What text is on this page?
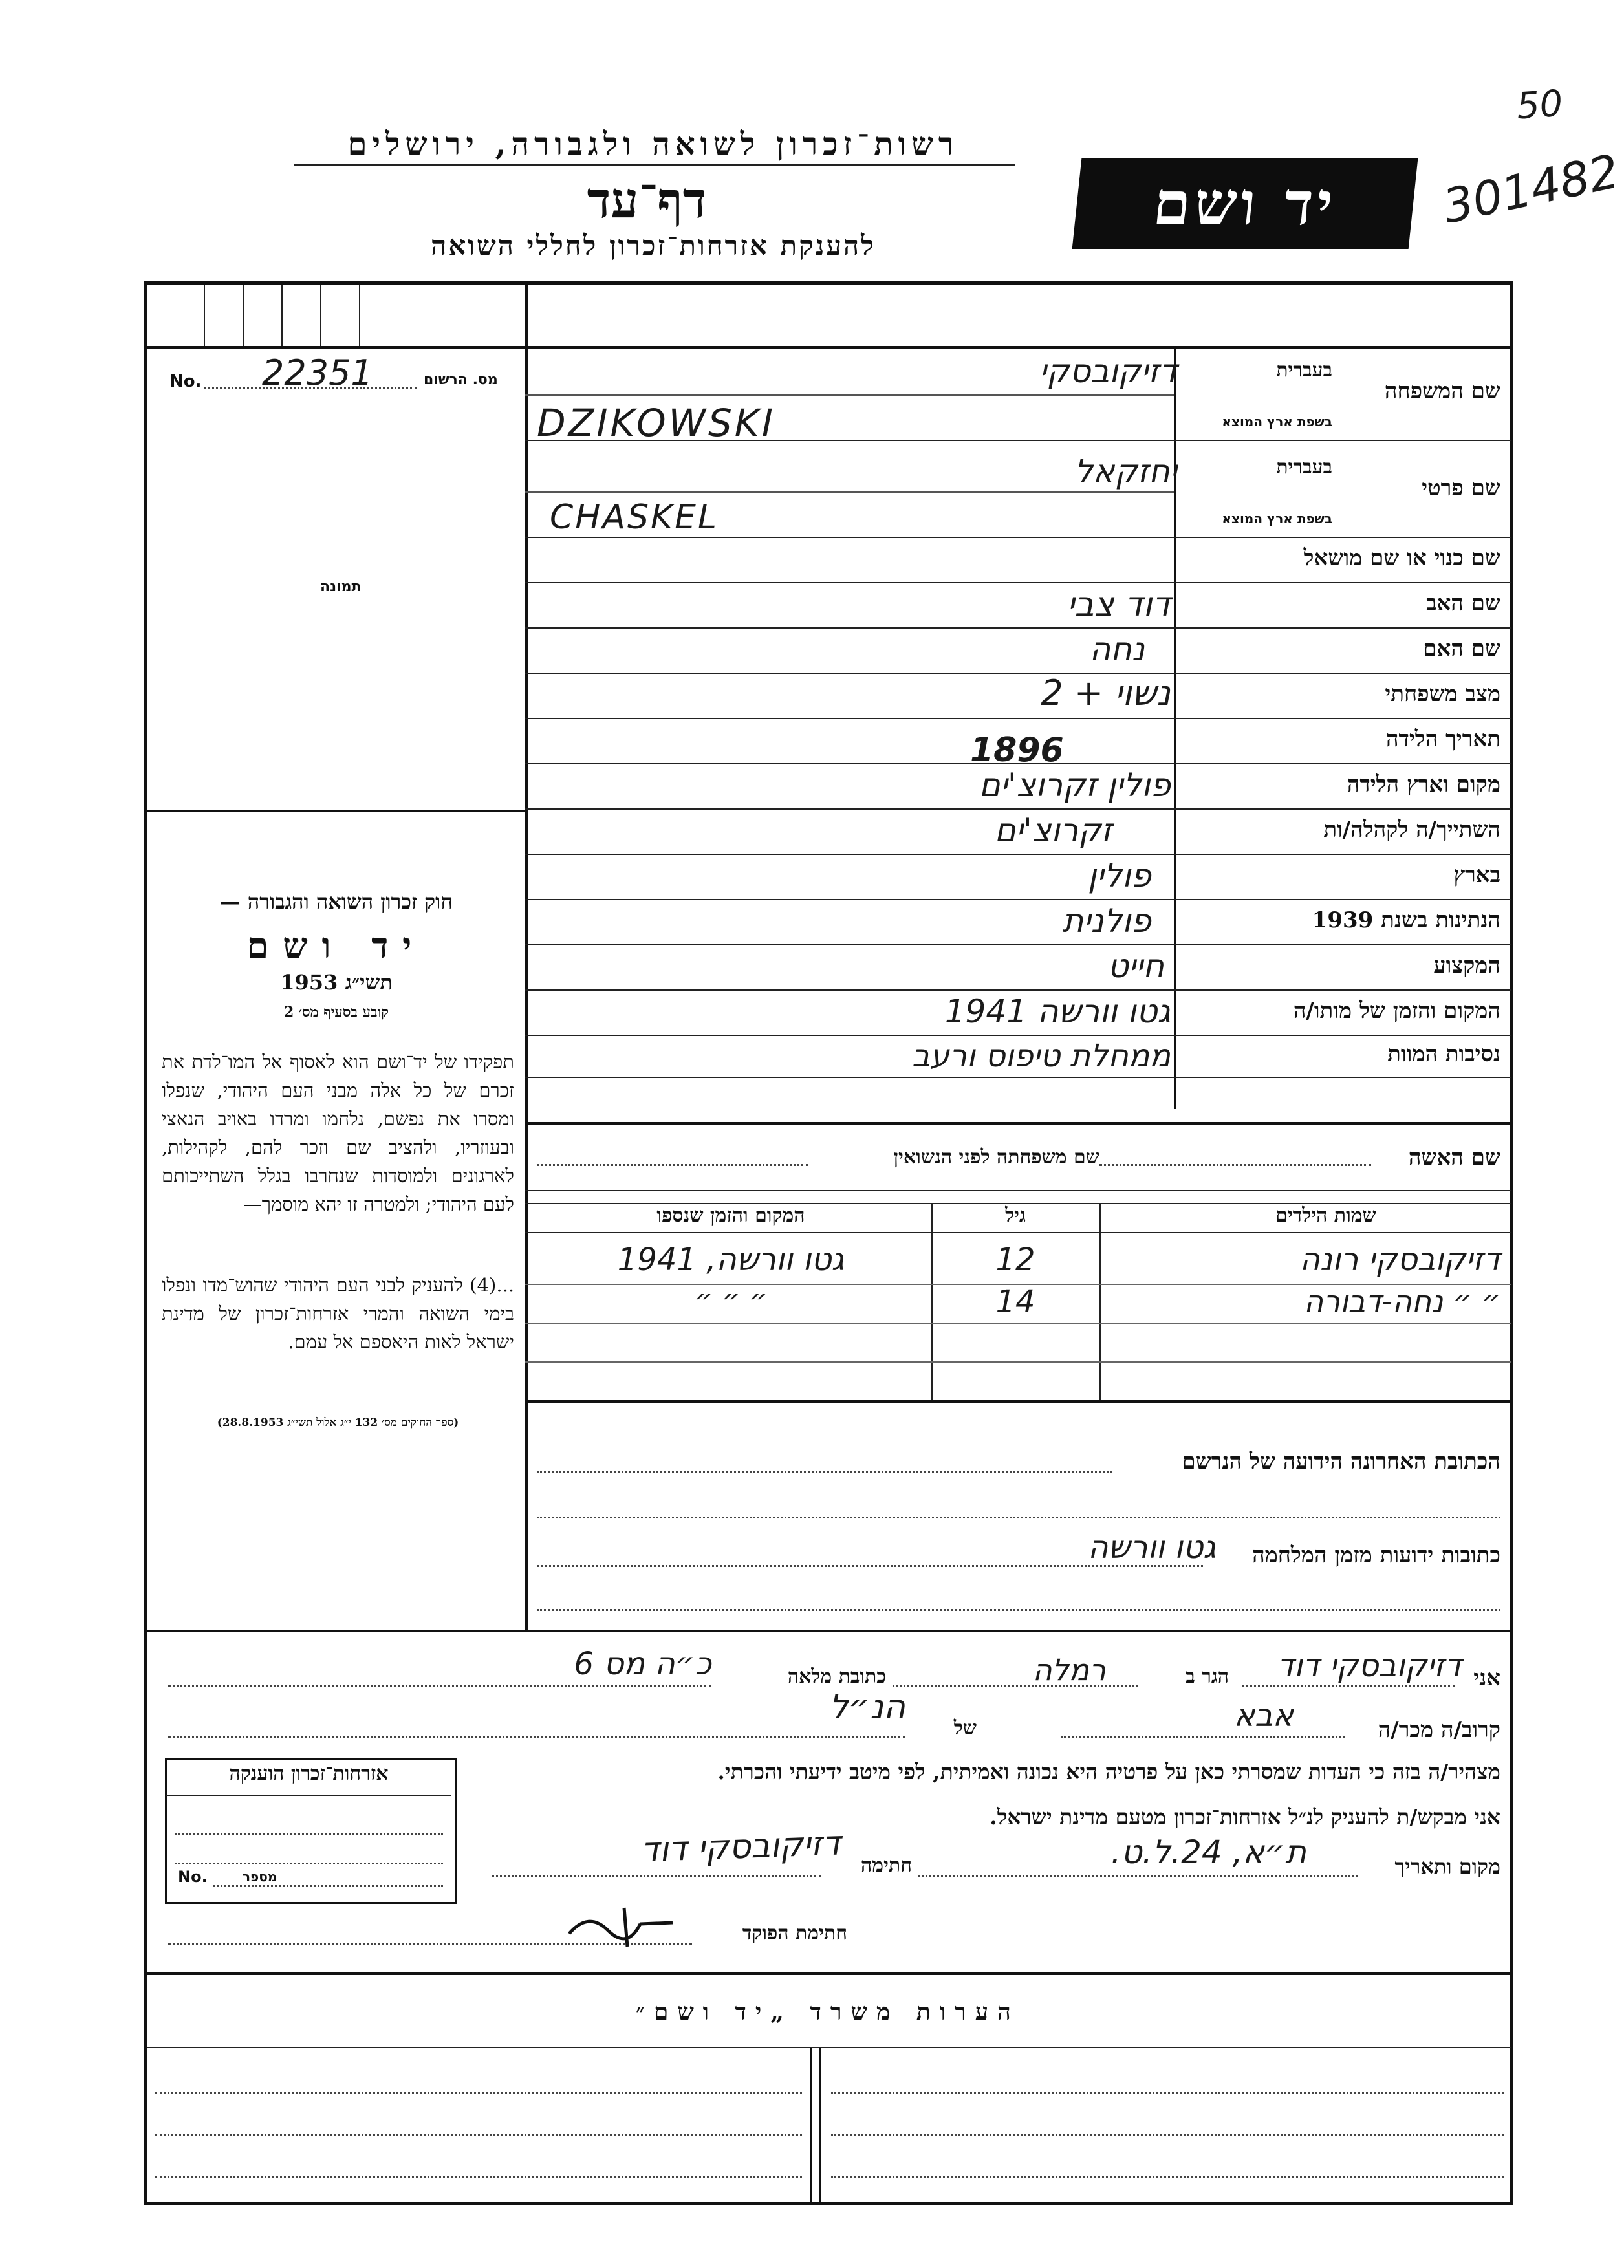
50
301482
רשות־זכרון לשואה ולגבורה, ירושלים
דף־עד
להענקת אזרחות־זכרון לחללי השואה
יד ושם
No. 22351	מס. הרשום
תמונה
חוק זכרון השואה והגבורה —
יד ושם
תשי״ג 1953
קובע בסעיף מס׳ 2
תפקידו של יד־ושם הוא לאסוף אל המו־לדת את זכרם של כל אלה מבני העם היהודי, שנפלו ומסרו את נפשם, נלחמו ומרדו באויב הנאצי ובעוזריו, ולהציב שם וזכר להם, לקהילות, לארגונים ולמוסדות שנחרבו בגלל השתייכותם לעם היהודי; ולמטרה זו יהא מוסמך—
...(4) להעניק לבני העם היהודי שהוש־מדו ונפלו בימי השואה והמרי אזרחות־זכרון של מדינת ישראל לאות היאספם אל עמם.
(ספר החוקים מס׳ 132 י״ג אלול תשי״ג 28.8.1953)
שם המשפחה
בעברית
בשפת ארץ המוצא
דזיקובסקי
DZIKOWSKI
שם פרטי
בעברית
בשפת ארץ המוצא
יחזקאל
CHASKEL
שם כנוי או שם מושאל
שם האב
דוד צבי
שם האם
נחה
מצב משפחתי
נשוי + 2
תאריך הלידה
1896
מקום וארץ הלידה
פולין זקרוצ'ים
השתייך/ה לקהלה/ות
זקרוצ'ים
בארץ
פולין
הנתינות בשנת 1939
פולנית
המקצוע
חייט
המקום והזמן של מותו/ה
גטו וורשה 1941
נסיבות המוות
ממחלת טיפוס ורעב
שם האשה
שם משפחתה לפני הנשואין
שמות הילדים
גיל
המקום והזמן שנספו
דזיקובסקי רונה
12
גטו וורשה, 1941
״ ״ נחה-דבורה
14
״ ״ ״
הכתובת האחרונה הידועה של הנרשם
כתובות ידועות מזמן המלחמה
גטו וורשה
אני
דזיקובסקי דוד
הגר ב
רמלה
כתובת מלאה
כ״ה מס 6
קרוב/ה מכר/ה
אבא
של
הנ״ל
מצהיר/ה בזה כי העדות שמסרתי כאן על פרטיה היא נכונה ואמיתית, לפי מיטב ידיעתי והכרתי.
אני מבקש/ת להעניק לנ״ל אזרחות־זכרון מטעם מדינת ישראל.
מקום ותאריך
ת״א, 24.ל.ט.
חתימה
דזיקובסקי דוד
חתימת הפוקד
אזרחות־זכרון הוענקה
No.	מספר
הערות משרד „יד ושם״
